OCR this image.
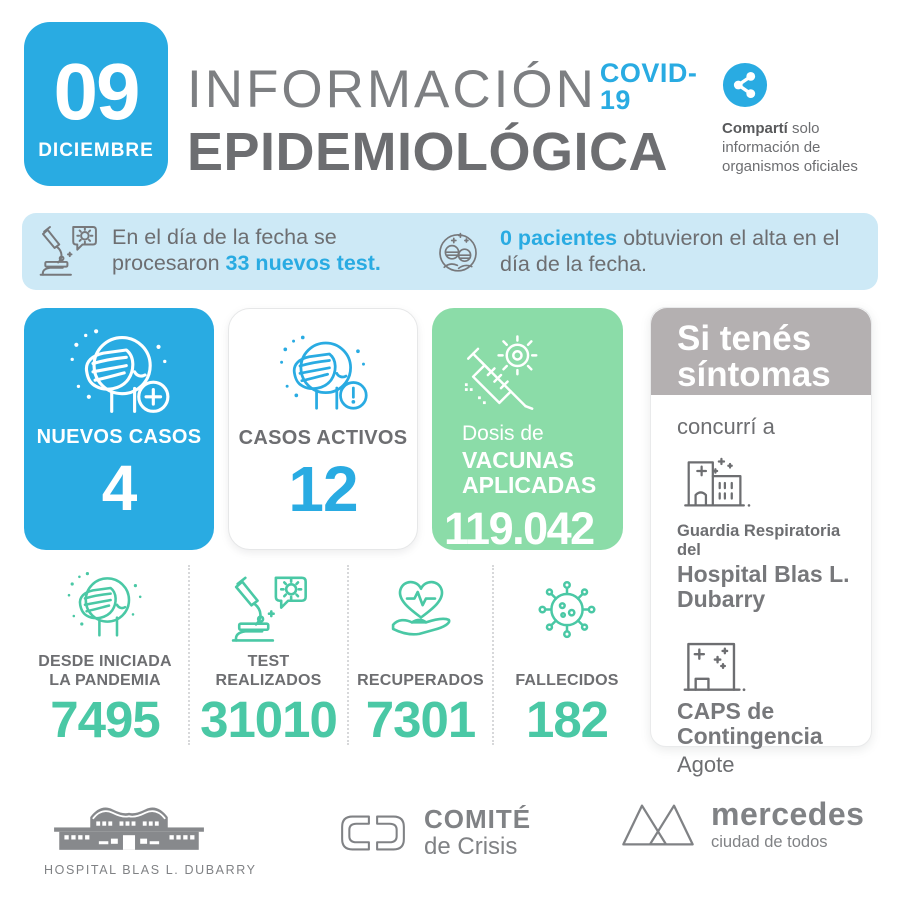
09
DICIEMBRE
INFORMACIÓN COVID-19
EPIDEMIOLÓGICA	Compartí solo información de organismos oficiales
En el día de la fecha se procesaron 33 nuevos test.
0 pacientes obtuvieron el alta en el día de la fecha.
NUEVOS CASOS
4
CASOS ACTIVOS
12
Dosis de
VACUNAS APLICADAS
119.042
Si tenés síntomas
concurrí a
Guardia Respiratoria del
Hospital Blas L. Dubarry
CAPS de Contingencia
Agote
DESDE INICIADA LA PANDEMIA
7495
TEST REALIZADOS
31010
RECUPERADOS
7301
FALLECIDOS
182
HOSPITAL BLAS L. DUBARRY
COMITÉ
de Crisis
mercedes
ciudad de todos
